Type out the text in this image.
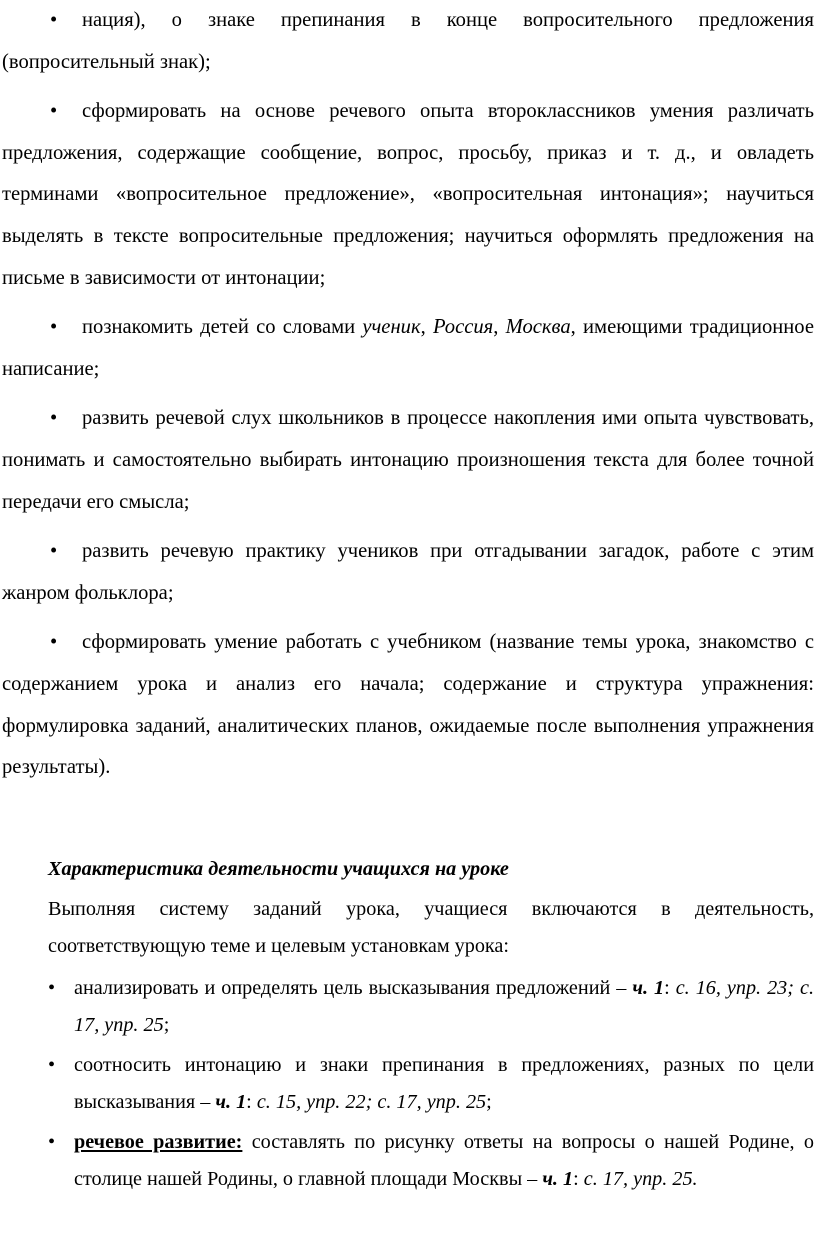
• нация), о знаке препинания в конце вопросительного предложения (вопросительный знак);
• сформировать на основе речевого опыта второклассников умения различать предложения, содержащие сообщение, вопрос, просьбу, приказ и т. д., и овладеть терминами «вопросительное предложение», «вопросительная интонация»; научиться выделять в тексте вопросительные предложения; научиться оформлять предложения на письме в зависимости от интонации;
• познакомить детей со словами ученик, Россия, Москва, имеющими традиционное написание;
• развить речевой слух школьников в процессе накопления ими опыта чувствовать, понимать и самостоятельно выбирать интонацию произношения текста для более точной передачи его смысла;
• развить речевую практику учеников при отгадывании загадок, работе с этим жанром фольклора;
• сформировать умение работать с учебником (название темы урока, знакомство с содержанием урока и анализ его начала; содержание и структура упражнения: формулировка заданий, аналитических планов, ожидаемые после выполнения упражнения результаты).
Характеристика деятельности учащихся на уроке
Выполняя систему заданий урока, учащиеся включаются в деятельность, соответствующую теме и целевым установкам урока:
• анализировать и определять цель высказывания предложений – ч. 1: с. 16, упр. 23; с. 17, упр. 25;
• соотносить интонацию и знаки препинания в предложениях, разных по цели высказывания – ч. 1: с. 15, упр. 22; с. 17, упр. 25;
• речевое развитие: составлять по рисунку ответы на вопросы о нашей Родине, о столице нашей Родины, о главной площади Москвы – ч. 1: с. 17, упр. 25.
